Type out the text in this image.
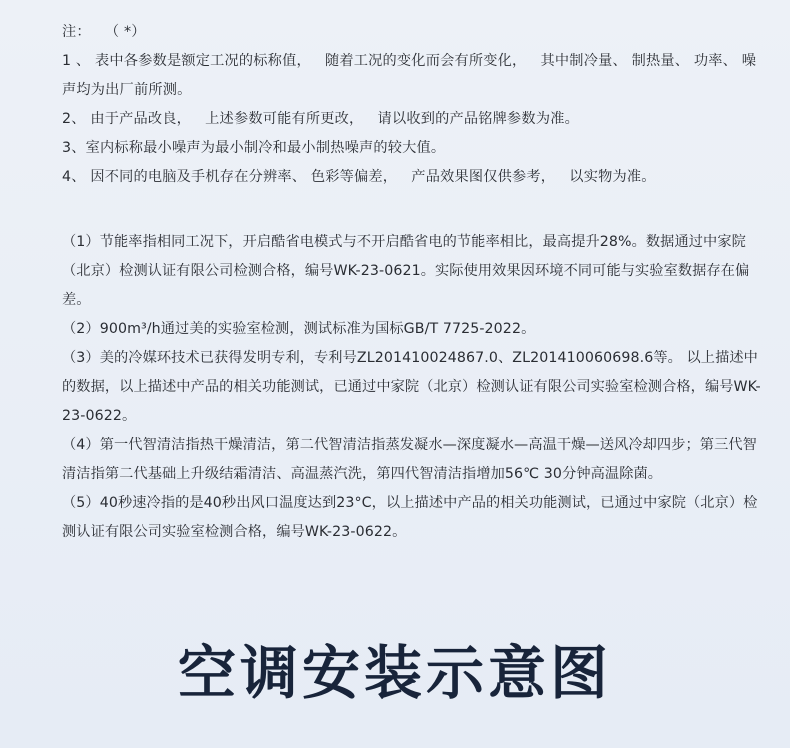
注：   （ *）

1 、 表中各参数是额定工况的标称值，   随着工况的变化而会有所变化，   其中制冷量、 制热量、 功率、 噪声均为出厂前所测。

2、 由于产品改良，   上述参数可能有所更改，   请以收到的产品铭牌参数为准。

3、室内标称最小噪声为最小制冷和最小制热噪声的较大值。

4、 因不同的电脑及手机存在分辨率、 色彩等偏差，   产品效果图仅供参考，   以实物为准。

（1）节能率指相同工况下，开启酷省电模式与不开启酷省电的节能率相比，最高提升28%。数据通过中家院（北京）检测认证有限公司检测合格，编号WK-23-0621。实际使用效果因环境不同可能与实验室数据存在偏差。

（2）900m³/h通过美的实验室检测，测试标准为国标GB/T 7725-2022。

（3）美的冷媒环技术已获得发明专利，专利号ZL201410024867.0、ZL201410060698.6等。 以上描述中的数据，以上描述中产品的相关功能测试，已通过中家院（北京）检测认证有限公司实验室检测合格，编号WK-23-0622。

（4）第一代智清洁指热干燥清洁，第二代智清洁指蒸发凝水—深度凝水—高温干燥—送风冷却四步；第三代智清洁指第二代基础上升级结霜清洁、高温蒸汽洗，第四代智清洁指增加56℃ 30分钟高温除菌。

（5）40秒速冷指的是40秒出风口温度达到23°C，以上描述中产品的相关功能测试，已通过中家院（北京）检测认证有限公司实验室检测合格，编号WK-23-0622。

空调安装示意图
